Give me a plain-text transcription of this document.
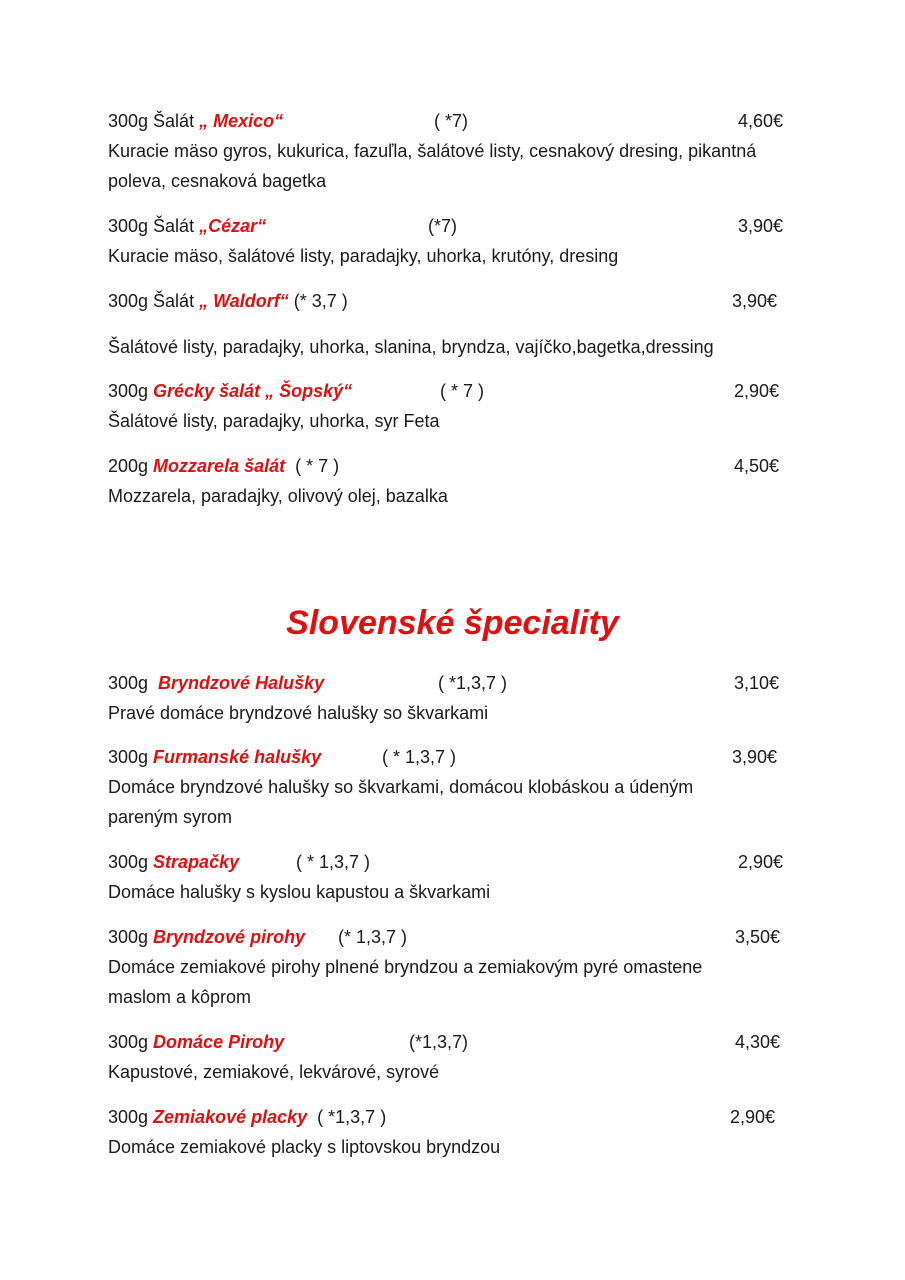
300g Šalát „ Mexico“	( *7)	4,60€

Kuracie mäso gyros, kukurica, fazuľla, šalátové listy, cesnakový dresing, pikantná poleva, cesnaková bagetka

300g Šalát „Cézar“	(*7)	3,90€

Kuracie mäso, šalátové listy, paradajky, uhorka, krutóny, dresing

300g Šalát „ Waldorf“ (* 3,7 )	3,90€

Šalátové listy, paradajky, uhorka, slanina, bryndza, vajíčko,bagetka,dressing

300g Grécky šalát „ Šopský“	( * 7 )	2,90€

Šalátové listy, paradajky, uhorka, syr Feta

200g Mozzarela šalát ( * 7 )	4,50€

Mozzarela, paradajky, olivový olej, bazalka

Slovenské špeciality
300g  Bryndzové Halušky	( *1,3,7 )	3,10€

Pravé domáce bryndzové halušky so škvarkami

300g Furmanské halušky	( * 1,3,7 )	3,90€

Domáce bryndzové halušky so škvarkami, domácou klobáskou a údeným pareným syrom

300g Strapačky	( * 1,3,7 )	2,90€

Domáce halušky s kyslou kapustou a škvarkami

300g Bryndzové pirohy (* 1,3,7 )	3,50€

Domáce zemiakové pirohy plnené bryndzou a zemiakovým pyré omastene maslom a kôprom

300g Domáce Pirohy	(*1,3,7)	4,30€

Kapustové, zemiakové, lekvárové, syrové

300g Zemiakové placky ( *1,3,7 )	2,90€

Domáce zemiakové placky s liptovskou bryndzou
